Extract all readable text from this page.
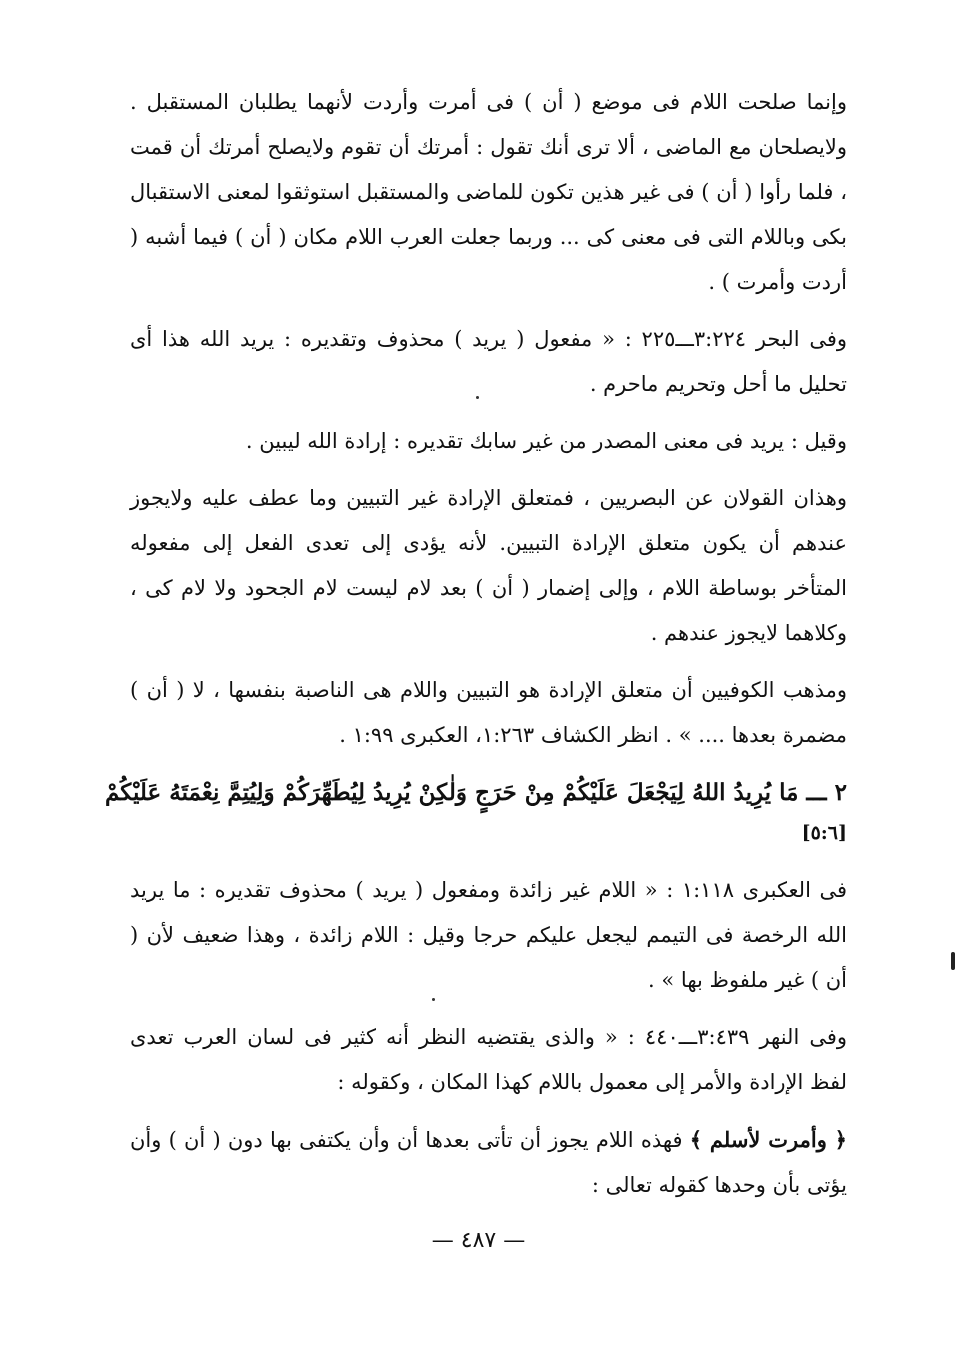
وإنما صلحت اللام فى موضع ( أن ) فى أمرت وأردت لأنهما يطلبان المستقبل . ولايصلحان مع الماضى ، ألا ترى أنك تقول : أمرتك أن تقوم ولايصلح أمرتك أن قمت ، فلما رأوا ( أن ) فى غير هذين تكون للماضى والمستقبل استوثقوا لمعنى الاستقبال بكى وباللام التى فى معنى كى ... وربما جعلت العرب اللام مكان ( أن ) فيما أشبه ( أردت وأمرت ) .

وفى البحر ٣:٢٢٤ـــ٢٢٥ : « مفعول ( يريد ) محذوف وتقديره : يريد الله هذا أى تحليل ما أحل وتحريم ماحرم .

وقيل : يريد فى معنى المصدر من غير سابك تقديره : إرادة الله ليبين .

وهذان القولان عن البصريين ، فمتعلق الإرادة غير التبيين وما عطف عليه ولايجوز عندهم أن يكون متعلق الإرادة التبيين. لأنه يؤدى إلى تعدى الفعل إلى مفعوله المتأخر بوساطة اللام ، وإلى إضمار ( أن ) بعد لام ليست لام الجحود ولا لام كى ، وكلاهما لايجوز عندهم .

ومذهب الكوفيين أن متعلق الإرادة هو التبيين واللام هى الناصبة بنفسها ، لا ( أن ) مضمرة بعدها .... » . انظر الكشاف ١:٢٦٣، العكبرى ١:٩٩ .

٢ ـــ مَا يُرِيدُ اللهُ لِيَجْعَلَ عَلَيْكُمْ مِنْ حَرَجٍ وَلٰكِنْ يُرِيدُ لِيُطَهِّرَكُمْ وَلِيُتِمَّ نِعْمَتَهُ عَلَيْكُمْ

[٥:٦]

فى العكبرى ١:١١٨ : « اللام غير زائدة ومفعول ( يريد ) محذوف تقديره : ما يريد الله الرخصة فى التيمم ليجعل عليكم حرجا وقيل : اللام زائدة ، وهذا ضعيف لأن ( أن ) غير ملفوظ بها » .

وفى النهر ٣:٤٣٩ـــ٤٤٠ : « والذى يقتضيه النظر أنه كثير فى لسان العرب تعدى لفظ الإرادة والأمر إلى معمول باللام كهذا المكان ، وكقوله :

﴿ وأمرت لأسلم ﴾ فهذه اللام يجوز أن تأتى بعدها أن وأن يكتفى بها دون ( أن ) وأن يؤتى بأن وحدها كقوله تعالى :

— ٤٨٧ —
